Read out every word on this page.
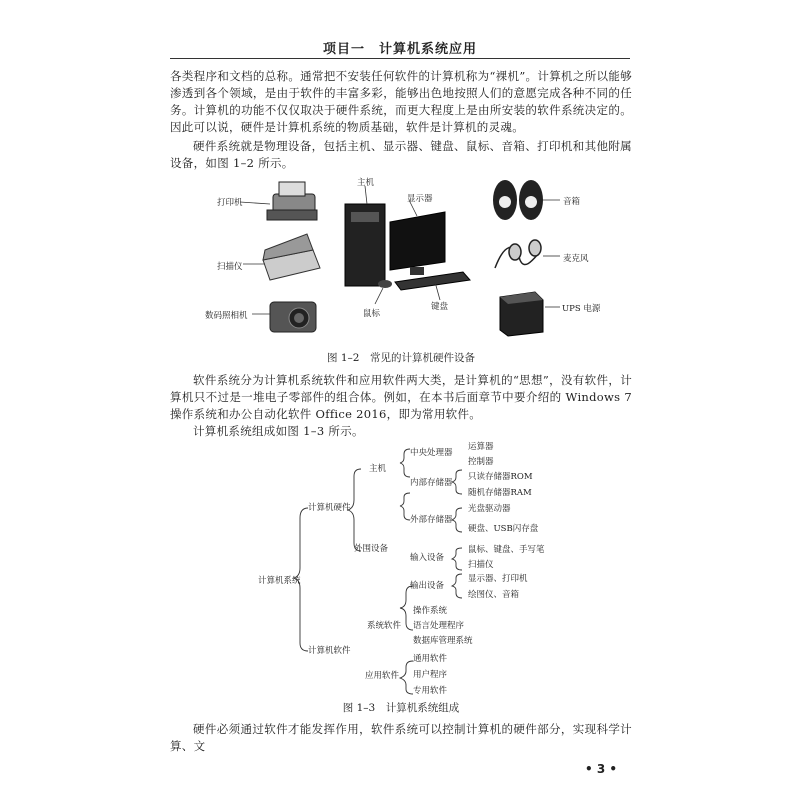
项目一　计算机系统应用

各类程序和文档的总称。通常把不安装任何软件的计算机称为“裸机”。计算机之所以能够渗透到各个领域，是由于软件的丰富多彩，能够出色地按照人们的意愿完成各种不同的任务。计算机的功能不仅仅取决于硬件系统，而更大程度上是由所安装的软件系统决定的。因此可以说，硬件是计算机系统的物质基础，软件是计算机的灵魂。

硬件系统就是物理设备，包括主机、显示器、键盘、鼠标、音箱、打印机和其他附属设备，如图 1–2 所示。

打印机
扫描仪
数码照相机
主机
显示器
鼠标
键盘
音箱
麦克风
UPS 电源
图 1–2　常见的计算机硬件设备

软件系统分为计算机系统软件和应用软件两大类，是计算机的“思想”，没有软件，计算机只不过是一堆电子零部件的组合体。例如，在本书后面章节中要介绍的 Windows 7 操作系统和办公自动化软件 Office 2016，即为常用软件。

计算机系统组成如图 1–3 所示。

计算机系统
计算机硬件
计算机软件
主机
外围设备
中央处理器
内部存储器
运算器
控制器
只读存储器ROM
随机存储器RAM
外部存储器
输入设备
输出设备
光盘驱动器
硬盘、USB闪存盘
鼠标、键盘、手写笔
扫描仪
显示器、打印机
绘图仪、音箱
系统软件
应用软件
操作系统
语言处理程序
数据库管理系统
通用软件
用户程序
专用软件
图 1–3　计算机系统组成

硬件必须通过软件才能发挥作用，软件系统可以控制计算机的硬件部分，实现科学计算、文

• 3 •
